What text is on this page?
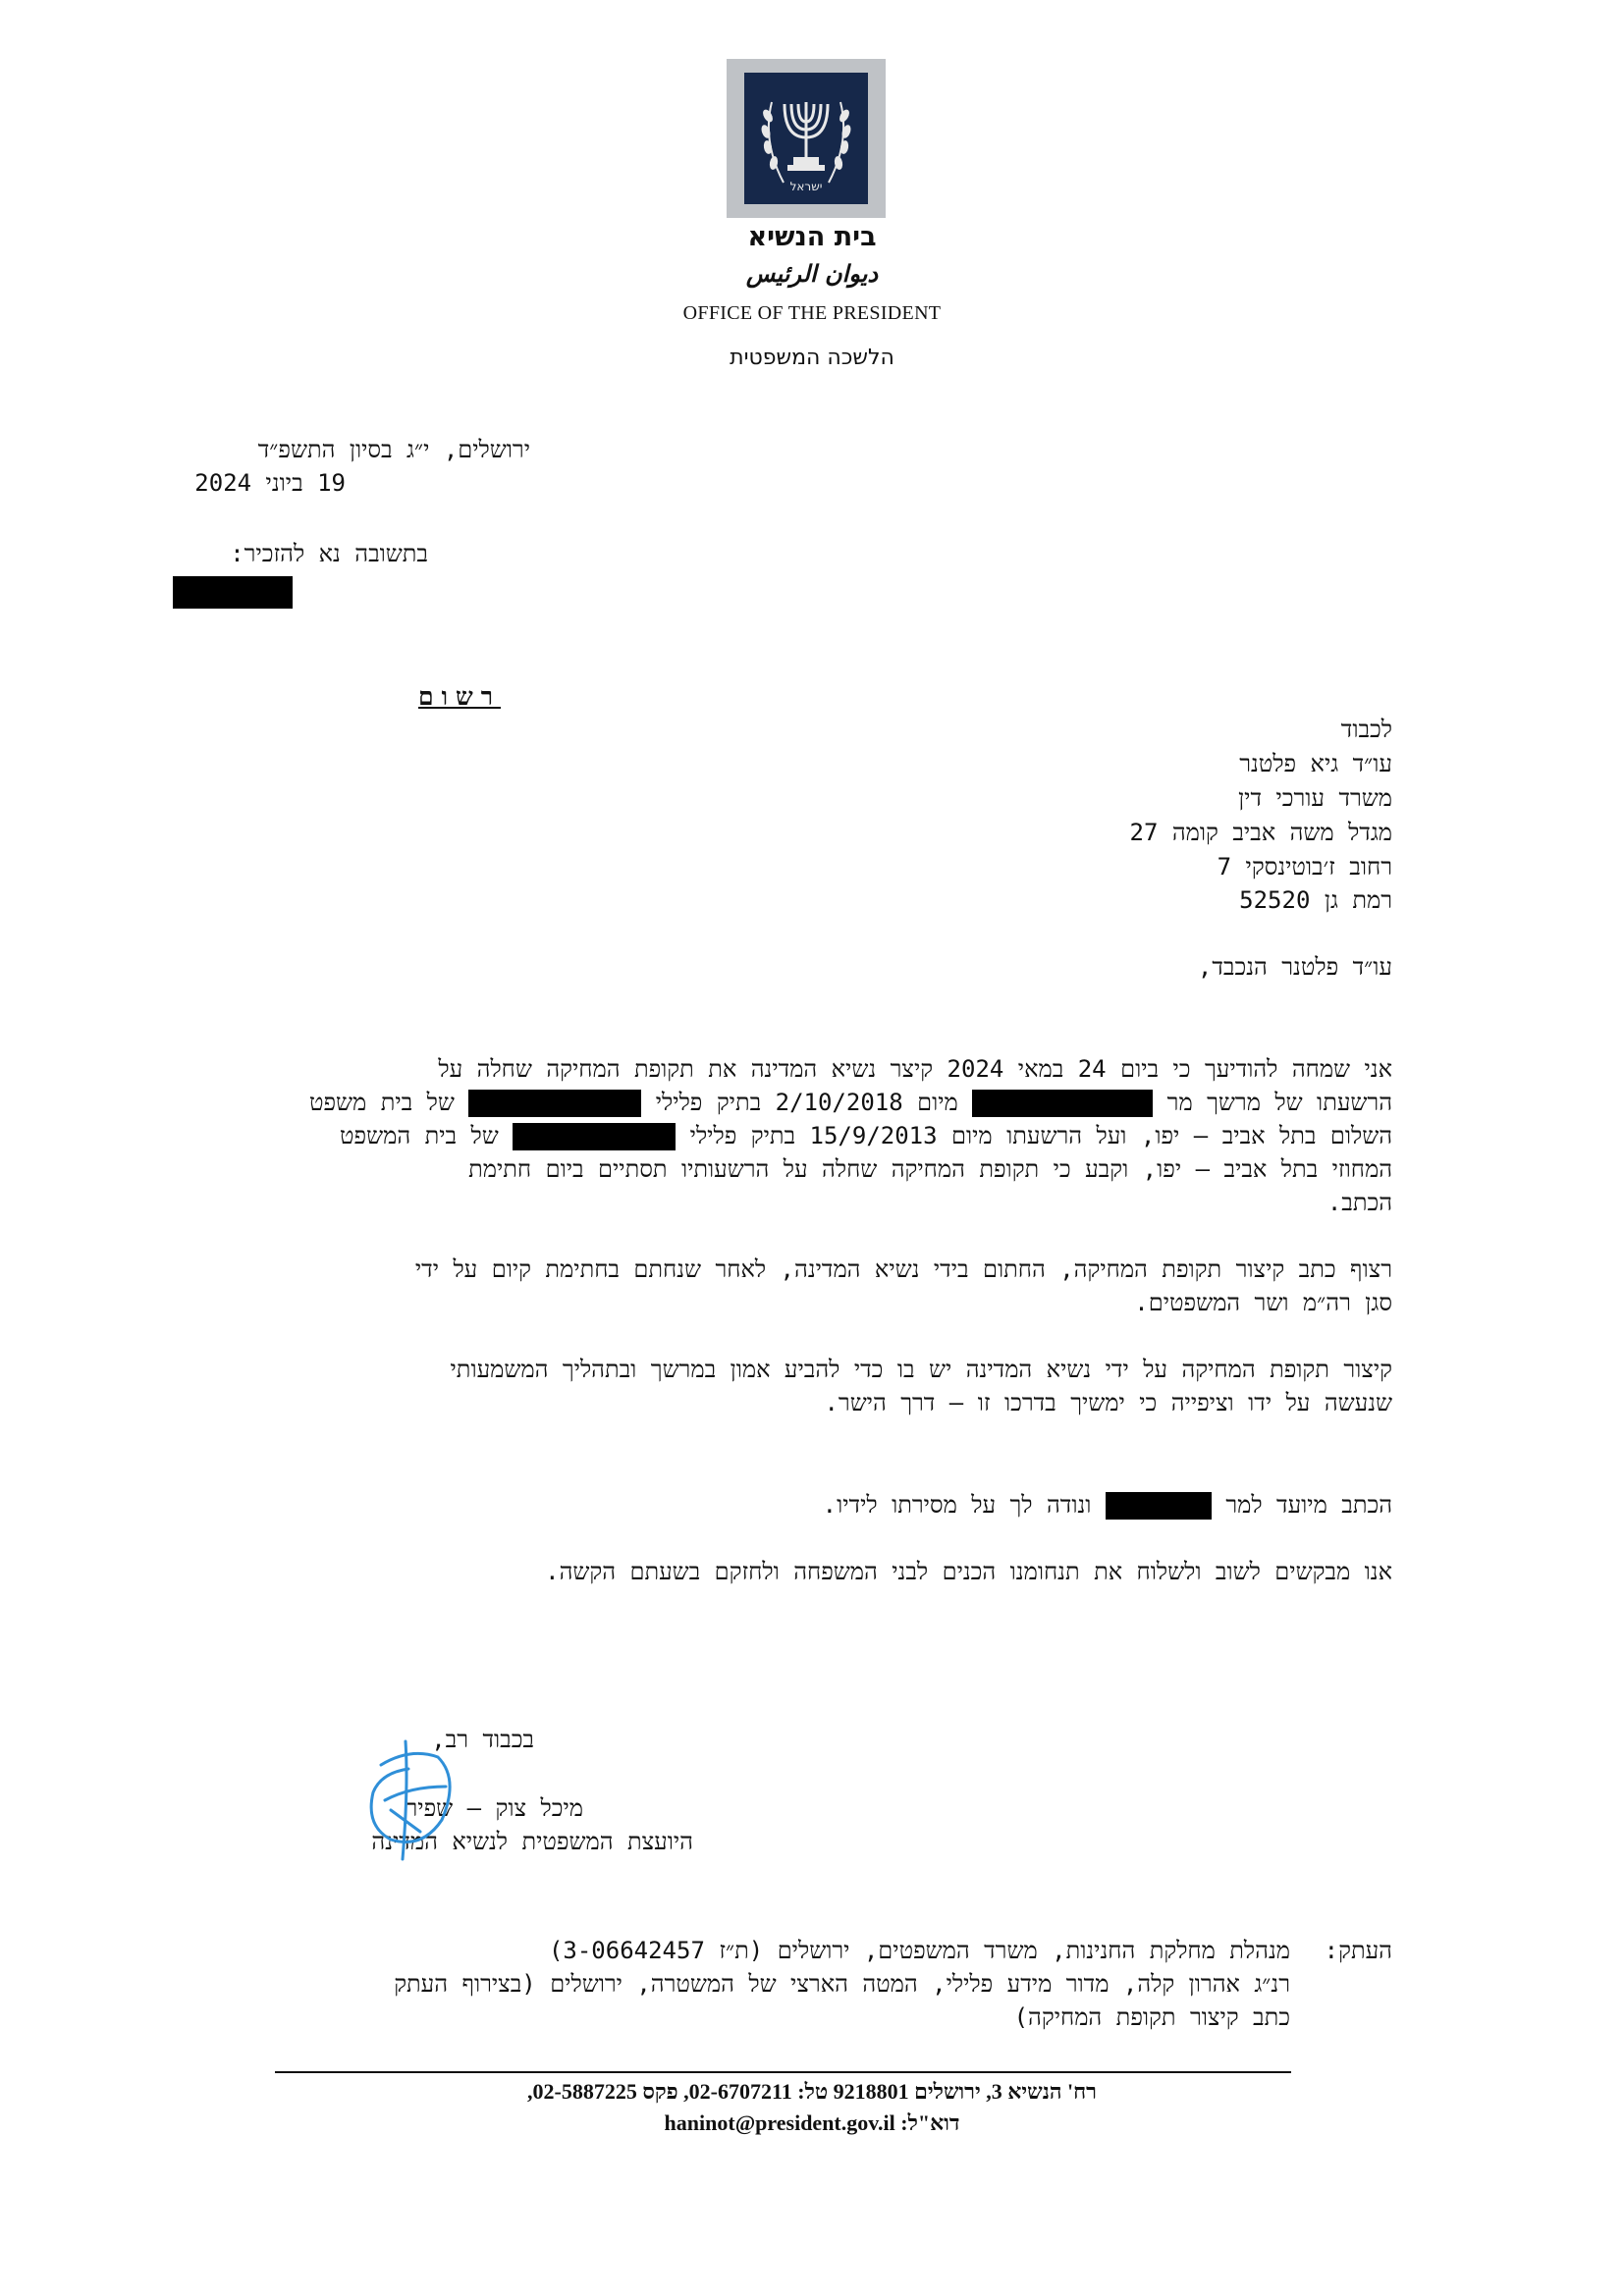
ישראל
בית הנשיא
ديوان الرئيس
OFFICE OF THE PRESIDENT
הלשכה המשפטית
ירושלים, י״ג בסיון התשפ״ד
19 ביוני 2024
בתשובה נא להזכיר:
רשום
לכבוד
עו״ד גיא פלטנר
משרד עורכי דין
מגדל משה אביב קומה 27
רחוב ז׳בוטינסקי 7
רמת גן 52520
עו״ד פלטנר הנכבד,
אני שמחה להודיעך כי ביום 24 במאי 2024 קיצר נשיא המדינה את תקופת המחיקה שחלה על
הרשעתו של מרשך מר  מיום 2/10/2018 בתיק פלילי  של בית משפט
השלום בתל אביב – יפו, ועל הרשעתו מיום 15/9/2013 בתיק פלילי  של בית המשפט
המחוזי בתל אביב – יפו, וקבע כי תקופת המחיקה שחלה על הרשעותיו תסתיים ביום חתימת
הכתב.
רצוף כתב קיצור תקופת המחיקה, החתום בידי נשיא המדינה, לאחר שנחתם בחתימת קיום על ידי
סגן רה״מ ושר המשפטים.
קיצור תקופת המחיקה על ידי נשיא המדינה יש בו כדי להביע אמון במרשך ובתהליך המשמעותי
שנעשה על ידו וציפייה כי ימשיך בדרכו זו – דרך הישר.
הכתב מיועד למר  ונודה לך על מסירתו לידיו.
אנו מבקשים לשוב ולשלוח את תנחומנו הכנים לבני המשפחה ולחזקם בשעתם הקשה.
בכבוד רב,
מיכל צוק – שפיר
היועצת המשפטית לנשיא המדינה
העתק:
מנהלת מחלקת החנינות, משרד המשפטים, ירושלים (ת״ז 3-06642457)
רנ״ג אהרון קלה, מדור מידע פלילי, המטה הארצי של המשטרה, ירושלים (בצירוף העתק
כתב קיצור תקופת המחיקה)
רח' הנשיא 3, ירושלים 9218801 טל: 02-6707211, פקס 02-5887225,
דוא"ל: haninot@president.gov.il
